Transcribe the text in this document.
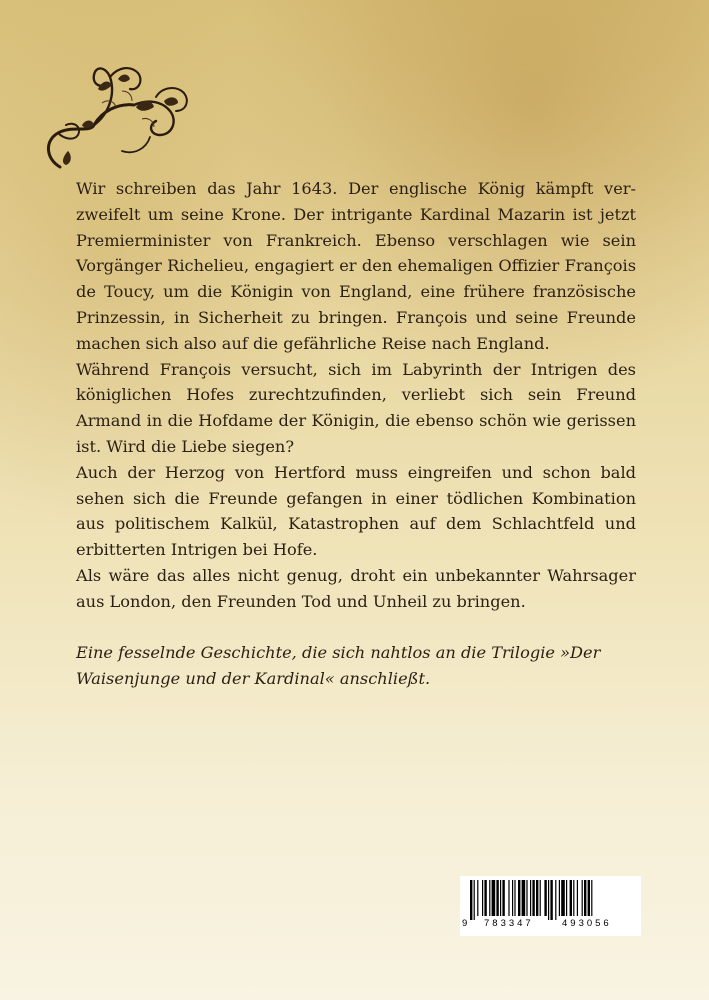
Wir schreiben das Jahr 1643. Der englische König kämpft verzweifelt um seine Krone. Der intrigante Kardinal Mazarin ist jetzt Premierminister von Frankreich. Ebenso verschlagen wie sein Vorgänger Richelieu, engagiert er den ehemaligen Offizier François de Toucy, um die Königin von England, eine frühere französische Prinzessin, in Sicherheit zu bringen. François und seine Freunde machen sich also auf die gefährliche Reise nach England.

Während François versucht, sich im Labyrinth der Intrigen des königlichen Hofes zurechtzufinden, verliebt sich sein Freund Armand in die Hofdame der Königin, die ebenso schön wie gerissen ist. Wird die Liebe siegen?

Auch der Herzog von Hertford muss eingreifen und schon bald sehen sich die Freunde gefangen in einer tödlichen Kombination aus politischem Kalkül, Katastrophen auf dem Schlachtfeld und erbitterten Intrigen bei Hofe.

Als wäre das alles nicht genug, droht ein unbekannter Wahrsager aus London, den Freunden Tod und Unheil zu bringen.

Eine fesselnde Geschichte, die sich nahtlos an die Trilogie »Der Waisenjunge und der Kardinal« anschließt.
9 783347	493056
